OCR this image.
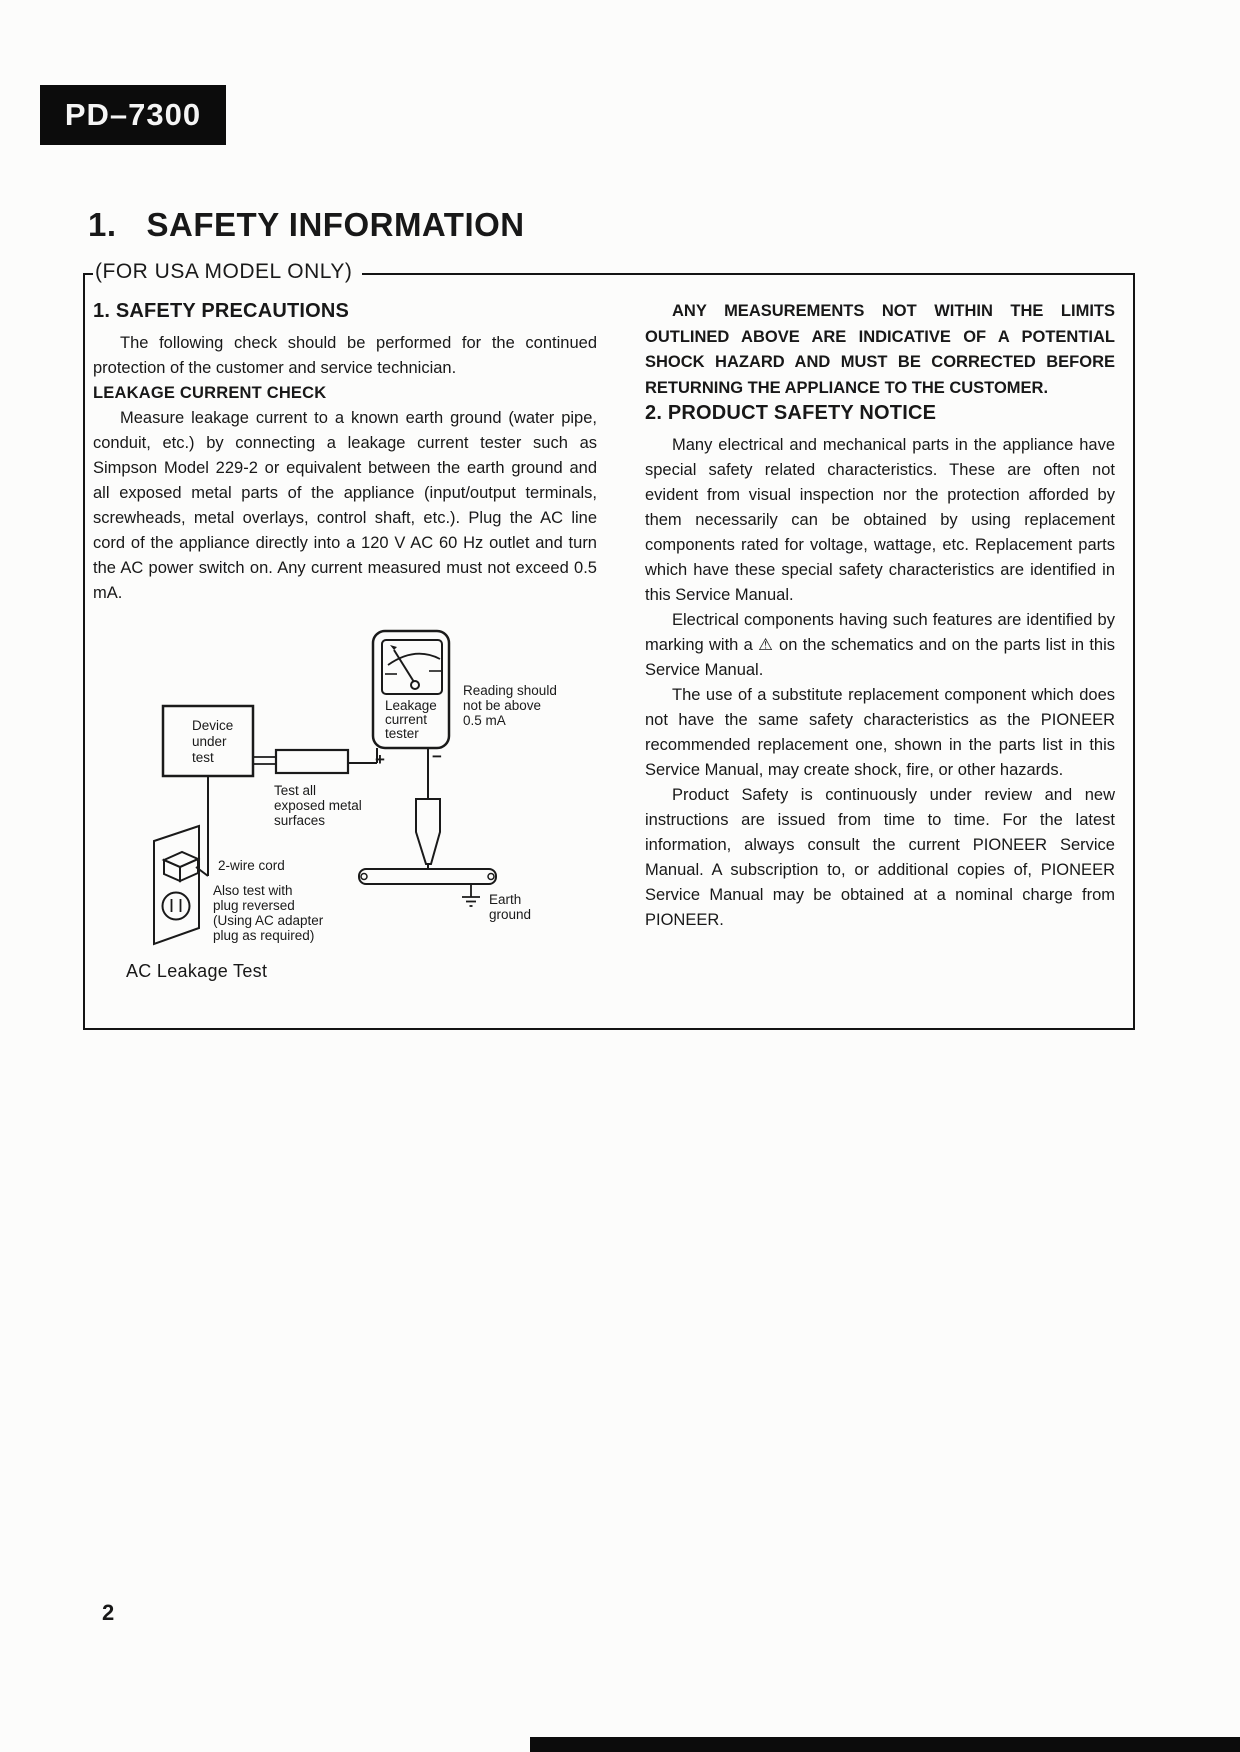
PD–7300
1. SAFETY INFORMATION
(FOR USA MODEL ONLY)
1. SAFETY PRECAUTIONS

The following check should be performed for the continued protection of the customer and service technician.

LEAKAGE CURRENT CHECK

Measure leakage current to a known earth ground (water pipe, conduit, etc.) by connecting a leakage current tester such as Simpson Model 229-2 or equivalent between the earth ground and all exposed metal parts of the appliance (input/output terminals, screwheads, metal overlays, control shaft, etc.). Plug the AC line cord of the appliance directly into a 120 V AC 60 Hz outlet and turn the AC power switch on. Any current measured must not exceed 0.5 mA.

Leakage
current
tester
Reading should
not be above
0.5 mA
+	−
Device
under
test
Test all
exposed metal
surfaces
2-wire cord
Also test with
plug reversed
(Using AC adapter
plug as required)
Earth
ground

AC Leakage Test

ANY MEASUREMENTS NOT WITHIN THE LIMITS OUTLINED ABOVE ARE INDICATIVE OF A POTENTIAL SHOCK HAZARD AND MUST BE CORRECTED BEFORE RETURNING THE APPLIANCE TO THE CUSTOMER.

2. PRODUCT SAFETY NOTICE

Many electrical and mechanical parts in the appliance have special safety related characteristics. These are often not evident from visual inspection nor the protection afforded by them necessarily can be obtained by using replacement components rated for voltage, wattage, etc. Replacement parts which have these special safety characteristics are identified in this Service Manual.

Electrical components having such features are identified by marking with a ⚠ on the schematics and on the parts list in this Service Manual.

The use of a substitute replacement component which does not have the same safety characteristics as the PIONEER recommended replacement one, shown in the parts list in this Service Manual, may create shock, fire, or other hazards.

Product Safety is continuously under review and new instructions are issued from time to time. For the latest information, always consult the current PIONEER Service Manual. A subscription to, or additional copies of, PIONEER Service Manual may be obtained at a nominal charge from PIONEER.

2
